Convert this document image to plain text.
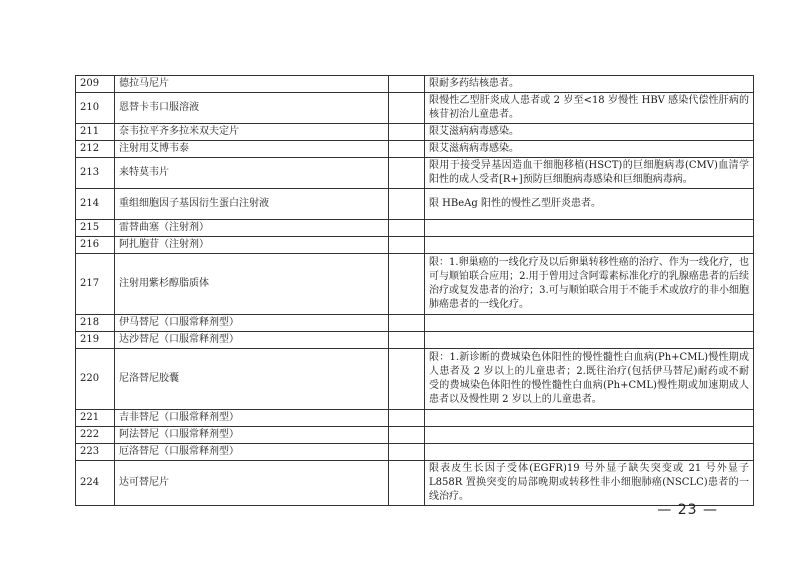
209	德拉马尼片		限耐多药结核患者。
210	恩替卡韦口服溶液		限慢性乙型肝炎成人患者或 2 岁至<18 岁慢性 HBV 感染代偿性肝病的核苷初治儿童患者。
211	奈韦拉平齐多拉米双夫定片		限艾滋病病毒感染。
212	注射用艾博韦泰		限艾滋病病毒感染。
213	来特莫韦片		限用于接受异基因造血干细胞移植(HSCT)的巨细胞病毒(CMV)血清学阳性的成人受者[R+]预防巨细胞病毒感染和巨细胞病毒病。
214	重组细胞因子基因衍生蛋白注射液		限 HBeAg 阳性的慢性乙型肝炎患者。
215	雷替曲塞（注射剂）		
216	阿扎胞苷（注射剂）		
217	注射用紫杉醇脂质体		限：1.卵巢癌的一线化疗及以后卵巢转移性癌的治疗、作为一线化疗，也可与顺铂联合应用；2.用于曾用过含阿霉素标准化疗的乳腺癌患者的后续治疗或复发患者的治疗；3.可与顺铂联合用于不能手术或放疗的非小细胞肺癌患者的一线化疗。
218	伊马替尼（口服常释剂型）		
219	达沙替尼（口服常释剂型）		
220	尼洛替尼胶囊		限：1.新诊断的费城染色体阳性的慢性髓性白血病(Ph+CML)慢性期成人患者及 2 岁以上的儿童患者；2.既往治疗(包括伊马替尼)耐药或不耐受的费城染色体阳性的慢性髓性白血病(Ph+CML)慢性期或加速期成人患者以及慢性期 2 岁以上的儿童患者。
221	吉非替尼（口服常释剂型）		
222	阿法替尼（口服常释剂型）		
223	厄洛替尼（口服常释剂型）		
224	达可替尼片		限表皮生长因子受体(EGFR)19 号外显子缺失突变或 21 号外显子 L858R 置换突变的局部晚期或转移性非小细胞肺癌(NSCLC)患者的一线治疗。
— 23 —
